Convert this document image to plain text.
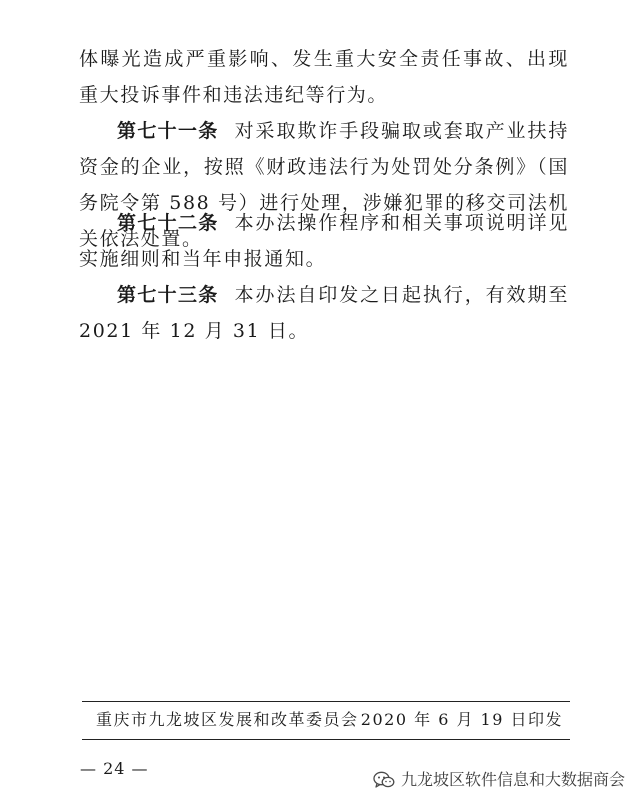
体曝光造成严重影响、发生重大安全责任事故、出现重大投诉事件和违法违纪等行为。

第七十一条 对采取欺诈手段骗取或套取产业扶持资金的企业，按照《财政违法行为处罚处分条例》（国务院令第 588 号）进行处理，涉嫌犯罪的移交司法机关依法处置。

第七十二条 本办法操作程序和相关事项说明详见实施细则和当年申报通知。

第七十三条 本办法自印发之日起执行，有效期至 2021 年 12 月 31 日。

重庆市九龙坡区发展和改革委员会 2020 年 6 月 19 日印发
— 24 —
九龙坡区软件信息和大数据商会
